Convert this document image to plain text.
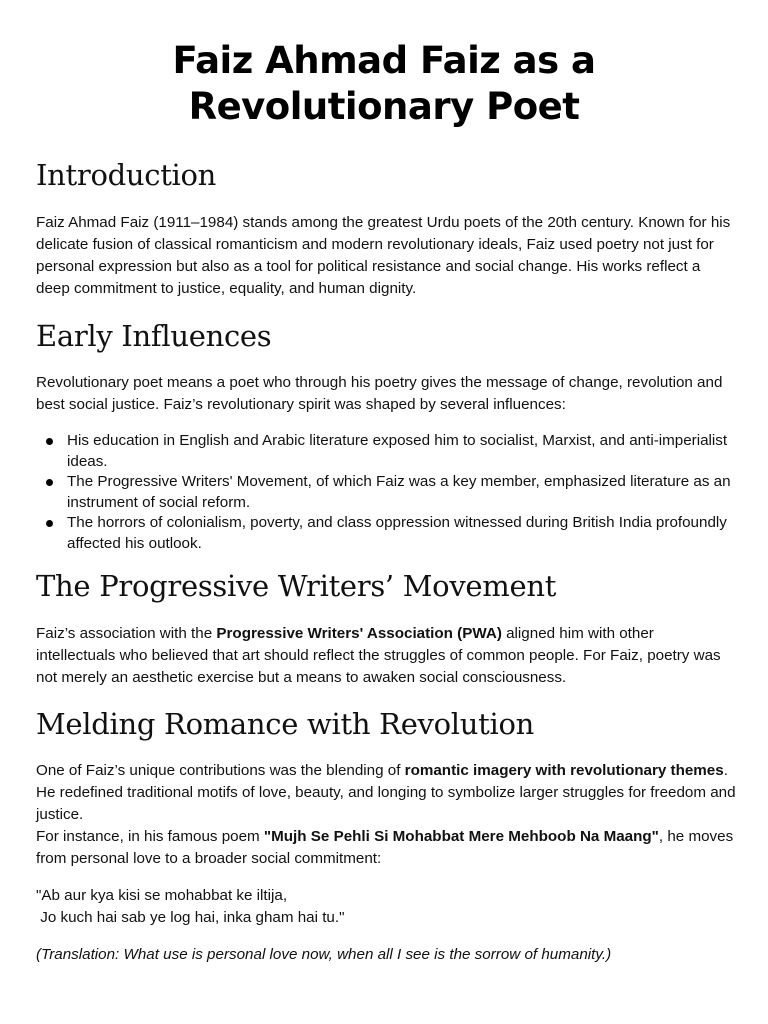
Faiz Ahmad Faiz as a
Revolutionary Poet
Introduction

Faiz Ahmad Faiz (1911–1984) stands among the greatest Urdu poets of the 20th century. Known for his delicate fusion of classical romanticism and modern revolutionary ideals, Faiz used poetry not just for personal expression but also as a tool for political resistance and social change. His works reflect a deep commitment to justice, equality, and human dignity.

Early Influences

Revolutionary poet means a poet who through his poetry gives the message of change, revolution and best social justice. Faiz’s revolutionary spirit was shaped by several influences:

His education in English and Arabic literature exposed him to socialist, Marxist, and anti-imperialist ideas.
The Progressive Writers' Movement, of which Faiz was a key member, emphasized literature as an instrument of social reform.
The horrors of colonialism, poverty, and class oppression witnessed during British India profoundly affected his outlook.
The Progressive Writers’ Movement

Faiz’s association with the Progressive Writers' Association (PWA) aligned him with other intellectuals who believed that art should reflect the struggles of common people. For Faiz, poetry was not merely an aesthetic exercise but a means to awaken social consciousness.

Melding Romance with Revolution

One of Faiz’s unique contributions was the blending of romantic imagery with revolutionary themes. He redefined traditional motifs of love, beauty, and longing to symbolize larger struggles for freedom and justice.
For instance, in his famous poem "Mujh Se Pehli Si Mohabbat Mere Mehboob Na Maang", he moves from personal love to a broader social commitment:

"Ab aur kya kisi se mohabbat ke iltija,
Jo kuch hai sab ye log hai, inka gham hai tu."

(Translation: What use is personal love now, when all I see is the sorrow of humanity.)
